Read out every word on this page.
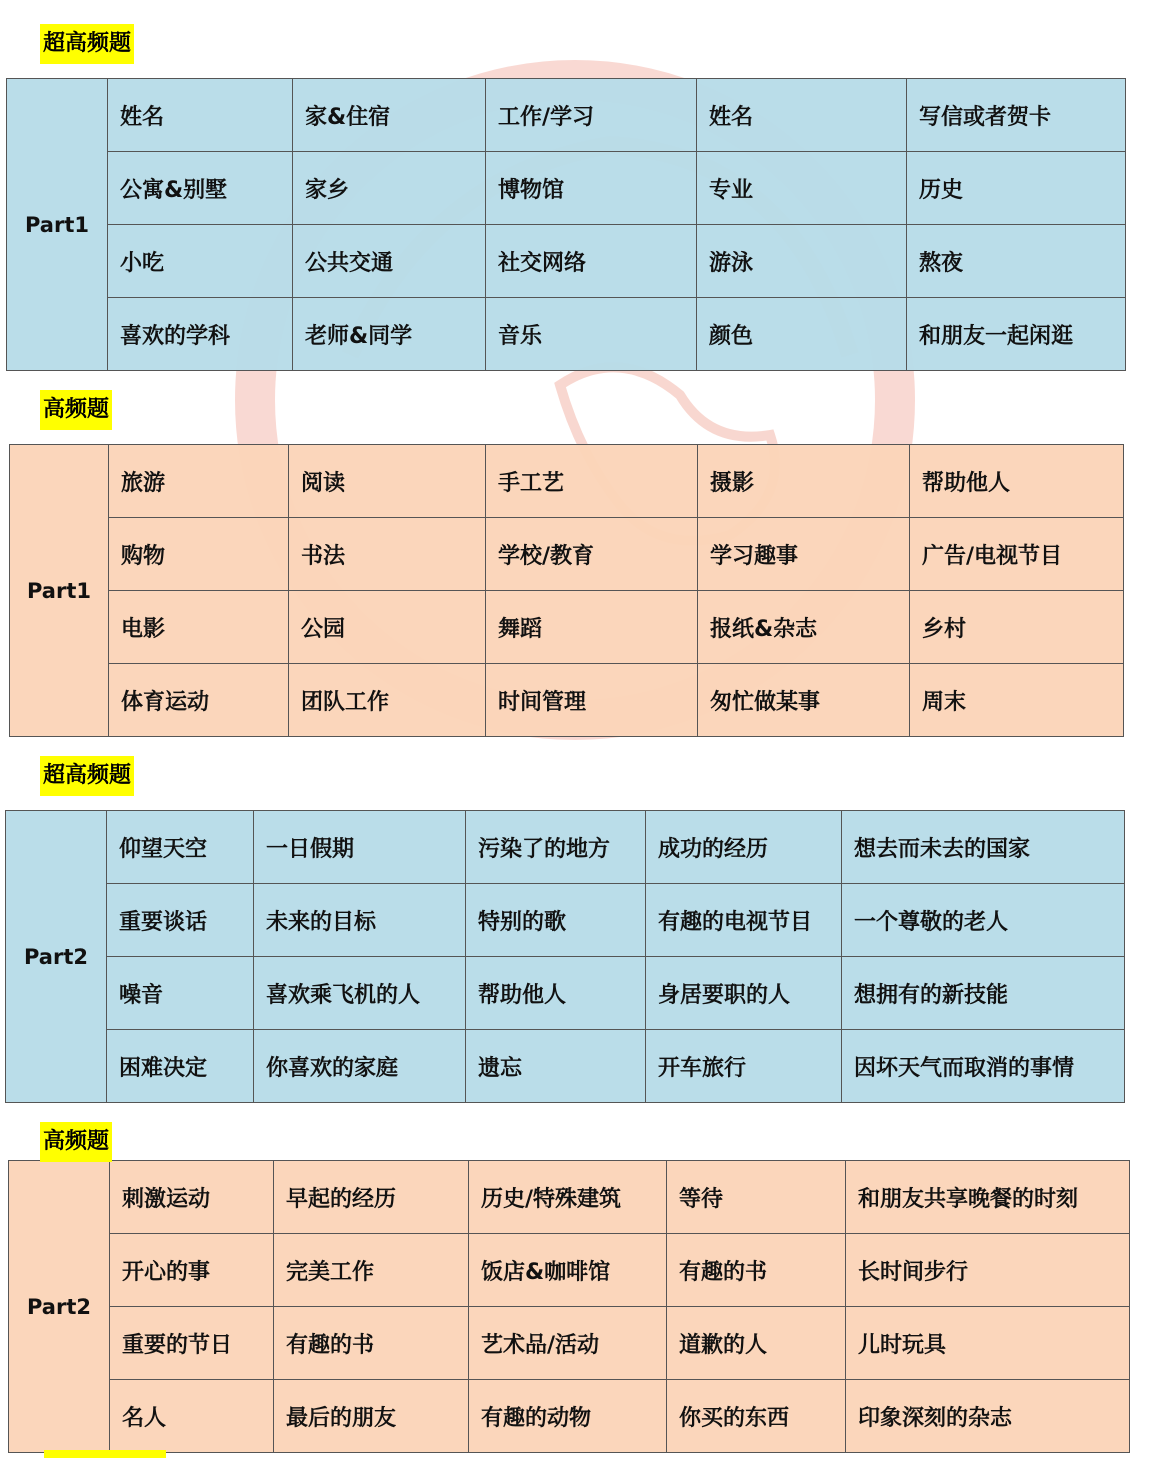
超高频题
Part1	姓名	家&住宿	工作/学习	姓名	写信或者贺卡
	公寓&别墅	家乡	博物馆	专业	历史
	小吃	公共交通	社交网络	游泳	熬夜
	喜欢的学科	老师&同学	音乐	颜色	和朋友一起闲逛
高频题
Part1	旅游	阅读	手工艺	摄影	帮助他人
	购物	书法	学校/教育	学习趣事	广告/电视节目
	电影	公园	舞蹈	报纸&杂志	乡村
	体育运动	团队工作	时间管理	匆忙做某事	周末
超高频题
Part2	仰望天空	一日假期	污染了的地方	成功的经历	想去而未去的国家
	重要谈话	未来的目标	特别的歌	有趣的电视节目	一个尊敬的老人
	噪音	喜欢乘飞机的人	帮助他人	身居要职的人	想拥有的新技能
	困难决定	你喜欢的家庭	遗忘	开车旅行	因坏天气而取消的事情
高频题
Part2	刺激运动	早起的经历	历史/特殊建筑	等待	和朋友共享晚餐的时刻
	开心的事	完美工作	饭店&咖啡馆	有趣的书	长时间步行
	重要的节日	有趣的书	艺术品/活动	道歉的人	儿时玩具
	名人	最后的朋友	有趣的动物	你买的东西	印象深刻的杂志
